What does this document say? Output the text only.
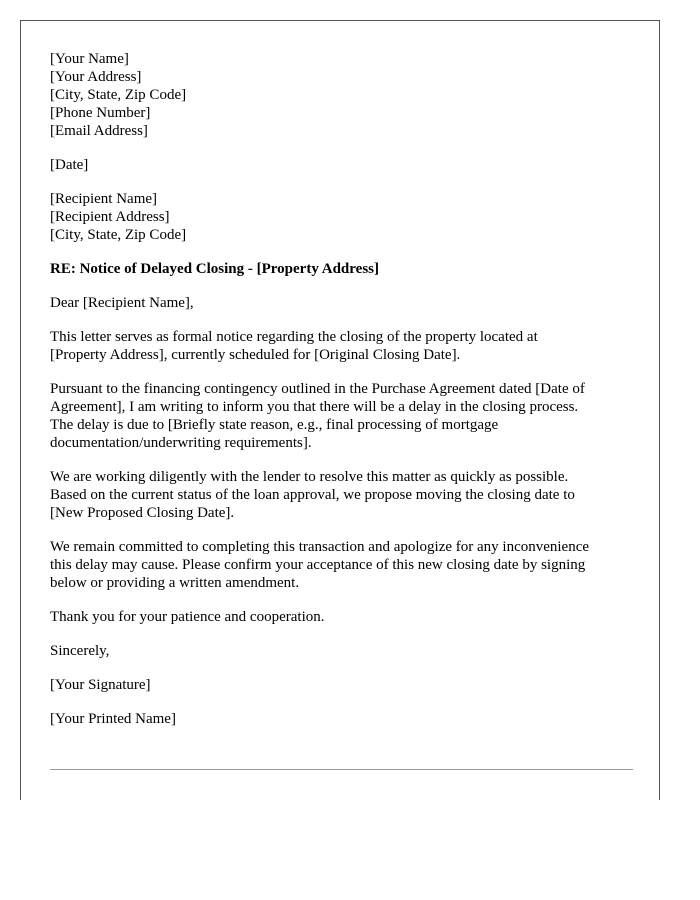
[Your Name]
[Your Address]
[City, State, Zip Code]
[Phone Number]
[Email Address]
[Date]
[Recipient Name]
[Recipient Address]
[City, State, Zip Code]
RE: Notice of Delayed Closing - [Property Address]
Dear [Recipient Name],
This letter serves as formal notice regarding the closing of the property located at
[Property Address], currently scheduled for [Original Closing Date].
Pursuant to the financing contingency outlined in the Purchase Agreement dated [Date of
Agreement], I am writing to inform you that there will be a delay in the closing process.
The delay is due to [Briefly state reason, e.g., final processing of mortgage
documentation/underwriting requirements].
We are working diligently with the lender to resolve this matter as quickly as possible.
Based on the current status of the loan approval, we propose moving the closing date to
[New Proposed Closing Date].
We remain committed to completing this transaction and apologize for any inconvenience
this delay may cause. Please confirm your acceptance of this new closing date by signing
below or providing a written amendment.
Thank you for your patience and cooperation.
Sincerely,
[Your Signature]
[Your Printed Name]
